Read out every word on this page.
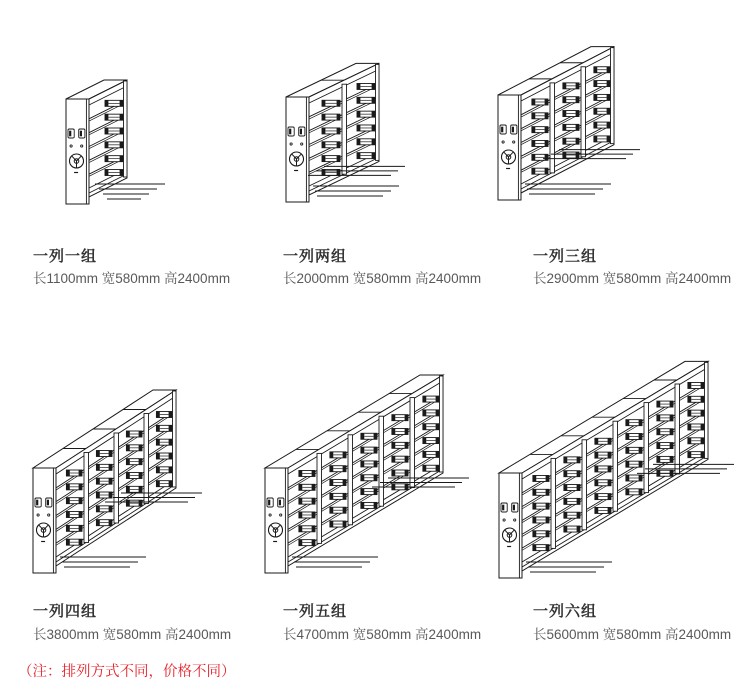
一列一组
长1100mm 宽580mm 高2400mm
一列两组
长2000mm 宽580mm 高2400mm
一列三组
长2900mm 宽580mm 高2400mm
一列四组
长3800mm 宽580mm 高2400mm
一列五组
长4700mm 宽580mm 高2400mm
一列六组
长5600mm 宽580mm 高2400mm
（注：排列方式不同，价格不同）
